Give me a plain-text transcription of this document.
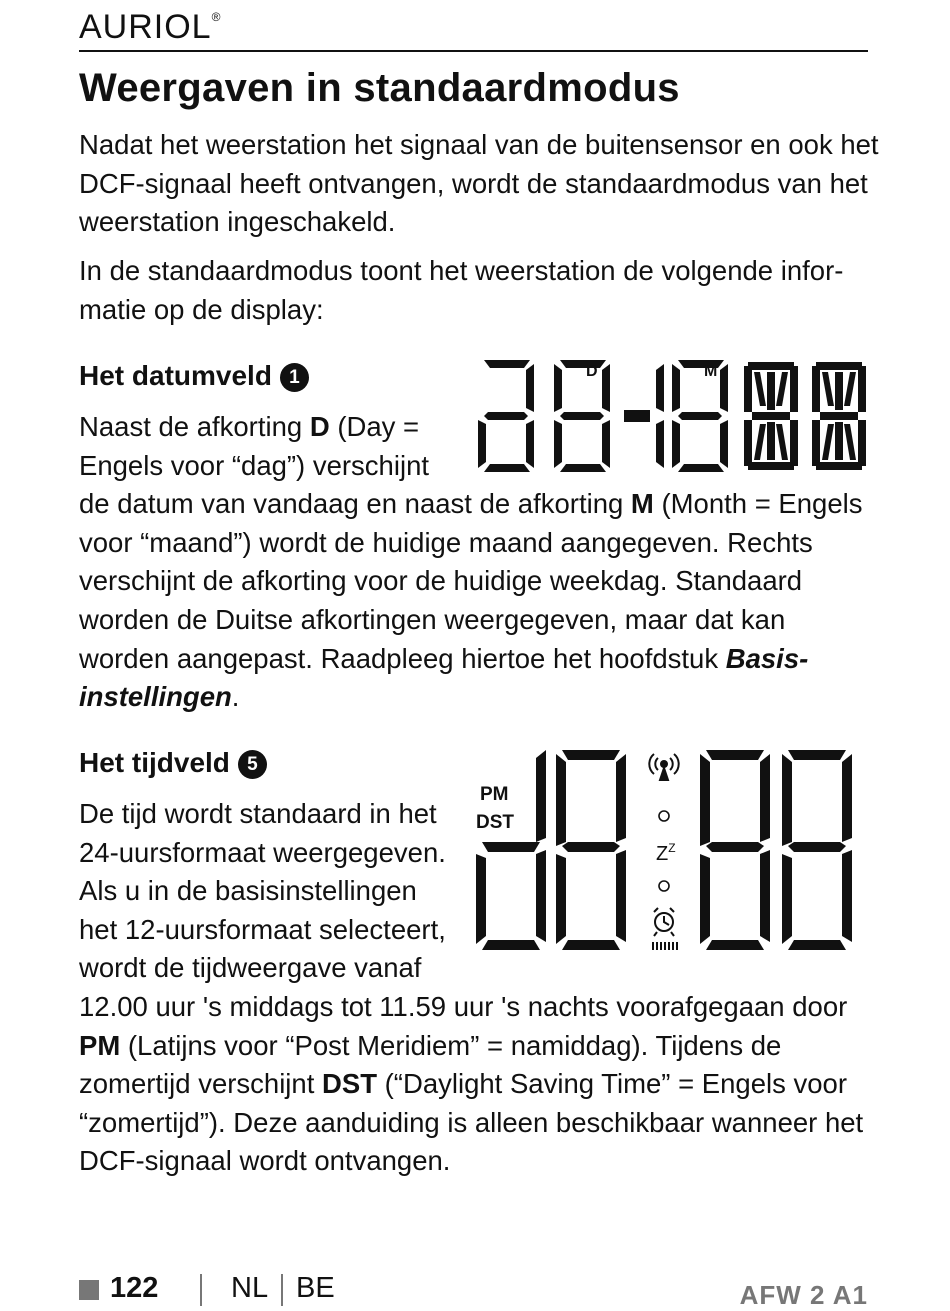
AURIOL®
Weergaven in standaardmodus

Nadat het weerstation het signaal van de buitensensor en ook het DCF-signaal heeft ontvangen, wordt de standaardmodus van het weerstation ingeschakeld.

In de standaardmodus toont het weerstation de volgende infor-matie op de display:

Het datumveld 1	D	M

Naast de afkorting D (Day = Engels voor “dag”) verschijnt de datum van vandaag en naast de afkorting M (Month = Engels voor “maand”) wordt de huidige maand aangegeven. Rechts verschijnt de afkorting voor de huidige weekdag. Standaard worden de Duitse afkortingen weergegeven, maar dat kan worden aangepast. Raadpleeg hiertoe het hoofdstuk Basis-instellingen.

Het tijdveld 5
PM
DST
$Z^Z$

De tijd wordt standaard in het 24-uursformaat weergegeven. Als u in de basisinstellingen het 12-uursformaat selecteert, wordt de tijdweergave vanaf 12.00 uur 's middags tot 11.59 uur 's nachts voorafgegaan door PM (Latijns voor “Post Meridiem” = namiddag). Tijdens de zomertijd verschijnt DST (“Daylight Saving Time” = Engels voor “zomertijd”). Deze aanduiding is alleen beschikbaar wanneer het DCF-signaal wordt ontvangen.

122	NL BE	AFW 2 A1
